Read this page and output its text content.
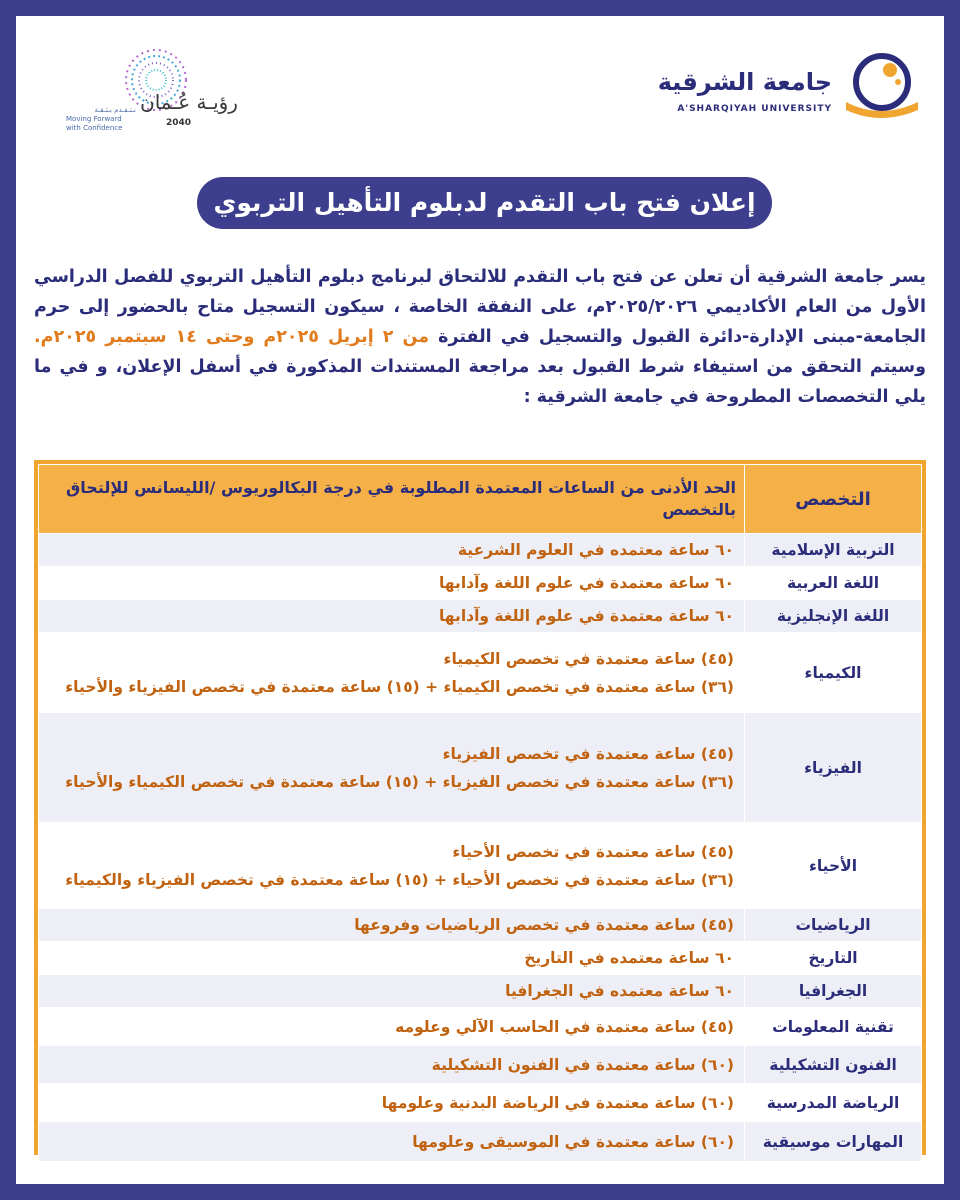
رؤيـة عُـمان
2040
نـتـقـدم بـثـقـة
Moving Forward with Confidence
جامعة الشرقية
A'SHARQIYAH UNIVERSITY
إعلان فتح باب التقدم لدبلوم التأهيل التربوي
يسر جامعة الشرقية أن تعلن عن فتح باب التقدم للالتحاق لبرنامج دبلوم التأهيل التربوي للفصل الدراسي الأول من العام الأكاديمي ٢٠٢٥/٢٠٢٦م، على النفقة الخاصة ، سيكون التسجيل متاح بالحضور إلى حرم الجامعة-مبنى الإدارة-دائرة القبول والتسجيل في الفترة من ٢ إبريل ٢٠٢٥م وحتى ١٤ سبتمبر ٢٠٢٥م. وسيتم التحقق من استيفاء شرط القبول بعد مراجعة المستندات المذكورة في أسفل الإعلان، و في ما يلي التخصصات المطروحة في جامعة الشرقية :
التخصص	الحد الأدنى من الساعات المعتمدة المطلوبة في درجة البكالوريوس /الليسانس للإلتحاق بالتخصص
التربية الإسلامية	٦٠ ساعة معتمده في العلوم الشرعية
اللغة العربية	٦٠ ساعة معتمدة في علوم اللغة وآدابها
اللغة الإنجليزية	٦٠ ساعة معتمدة في علوم اللغة وآدابها
الكيمياء	(٤٥) ساعة معتمدة في تخصص الكيمياء
(٣٦) ساعة معتمدة في تخصص الكيمياء + (١٥) ساعة معتمدة في تخصص الفيزياء والأحياء
الفيزياء	(٤٥) ساعة معتمدة في تخصص الفيزياء
(٣٦) ساعة معتمدة في تخصص الفيزياء + (١٥) ساعة معتمدة في تخصص الكيمياء والأحياء
الأحياء	(٤٥) ساعة معتمدة في تخصص الأحياء
(٣٦) ساعة معتمدة في تخصص الأحياء + (١٥) ساعة معتمدة في تخصص الفيزياء والكيمياء
الرياضيات	(٤٥) ساعة معتمدة في تخصص الرياضيات وفروعها
التاريخ	٦٠ ساعة معتمده في التاريخ
الجغرافيا	٦٠ ساعة معتمده في الجغرافيا
تقنية المعلومات	(٤٥) ساعة معتمدة في الحاسب الآلي وعلومه
الفنون التشكيلية	(٦٠) ساعة معتمدة في الفنون التشكيلية
الرياضة المدرسية	(٦٠) ساعة معتمدة في الرياضة البدنية وعلومها
المهارات موسيقية	(٦٠) ساعة معتمدة في الموسيقى وعلومها
